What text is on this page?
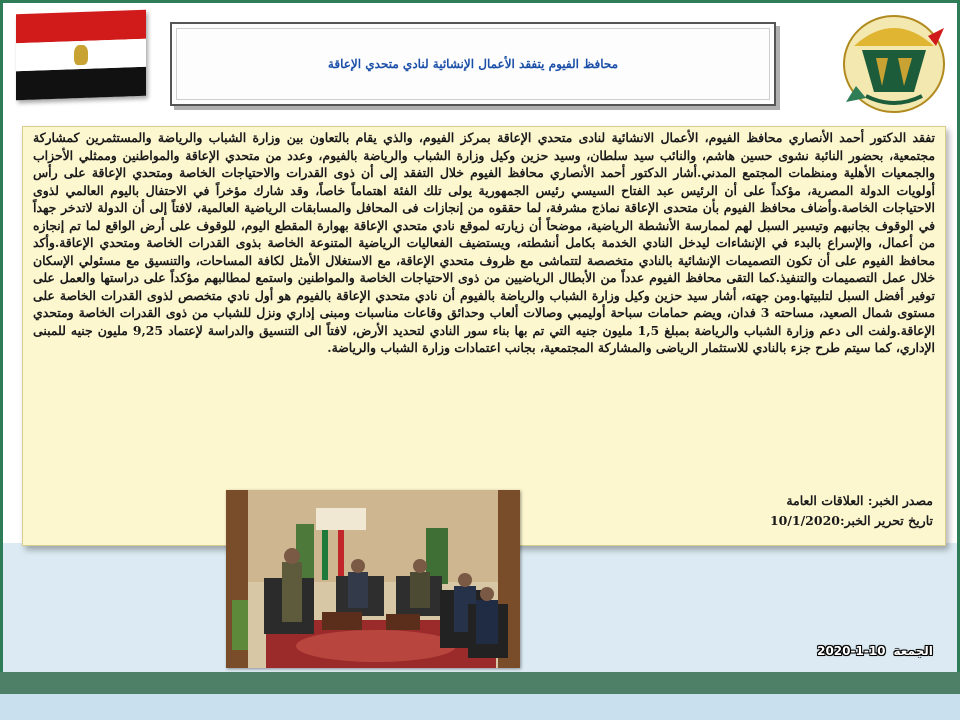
محافظ الفيوم يتفقد الأعمال الإنشائية لنادي متحدي الإعاقة

تفقد الدكتور أحمد الأنصاري محافظ الفيوم، الأعمال الانشائية لنادى متحدي الإعاقة بمركز الفيوم، والذي يقام بالتعاون بين وزارة الشباب والرياضة والمستثمرين كمشاركة مجتمعية، بحضور النائبة نشوى حسين هاشم، والنائب سيد سلطان، وسيد حزين وكيل وزارة الشباب والرياضة بالفيوم، وعدد من متحدي الإعاقة والمواطنين وممثلي الأحزاب والجمعيات الأهلية ومنظمات المجتمع المدني.أشار الدكتور أحمد الأنصاري محافظ الفيوم خلال التفقد إلى أن ذوى القدرات والاحتياجات الخاصة ومتحدي الإعاقة على رأس أولويات الدولة المصرية، مؤكداً على أن الرئيس عبد الفتاح السيسي رئيس الجمهورية يولى تلك الفئة اهتماماً خاصاً، وقد شارك مؤخراً في الاحتفال باليوم العالمي لذوى الاحتياجات الخاصة.وأضاف محافظ الفيوم بأن متحدى الإعاقة نماذج مشرفة، لما حققوه من إنجازات فى المحافل والمسابقات الرياضية العالمية، لافتاً إلى أن الدولة لاتدخر جهداً في الوقوف بجانبهم وتيسير السبل لهم لممارسة الأنشطة الرياضية، موضحاً أن زيارته لموقع نادي متحدي الإعاقة بهوارة المقطع اليوم، للوقوف على أرض الواقع لما تم إنجازه من أعمال، والإسراع بالبدء في الإنشاءات ليدخل النادي الخدمة بكامل أنشطته، ويستضيف الفعاليات الرياضية المتنوعة الخاصة بذوى القدرات الخاصة ومتحدي الإعاقة.وأكد محافظ الفيوم على أن تكون التصميمات الإنشائية بالنادي متخصصة لتتماشى مع ظروف متحدي الإعاقة، مع الاستغلال الأمثل لكافة المساحات، والتنسيق مع مسئولي الإسكان خلال عمل التصميمات والتنفيذ.كما التقى محافظ الفيوم عدداً من الأبطال الرياضيين من ذوى الاحتياجات الخاصة والمواطنين واستمع لمطالبهم مؤكداً على دراستها والعمل على توفير أفضل السبل لتلبيتها.ومن جهته، أشار سيد حزين وكيل وزارة الشباب والرياضة بالفيوم أن نادي متحدي الإعاقة بالفيوم هو أول نادي متخصص لذوى القدرات الخاصة على مستوى شمال الصعيد، مساحته 3 فدان، ويضم حمامات سباحة أوليمبي وصالات ألعاب وحدائق وقاعات مناسبات ومبنى إداري ونزل للشباب من ذوى القدرات الخاصة ومتحدي الإعاقة.ولفت الى دعم وزارة الشباب والرياضة بمبلغ 1,5 مليون جنيه التي تم بها بناء سور النادي لتحديد الأرض، لافتاً الى التنسيق والدراسة لإعتماد 9,25 مليون جنيه للمبنى الإداري، كما سيتم طرح جزء بالنادي للاستثمار الرياضى والمشاركة المجتمعية، بجانب اعتمادات وزارة الشباب والرياضة.

مصدر الخبر: العلاقات العامة
تاريخ تحرير الخبر:10/1/2020
الجمعة
2020-1-10
